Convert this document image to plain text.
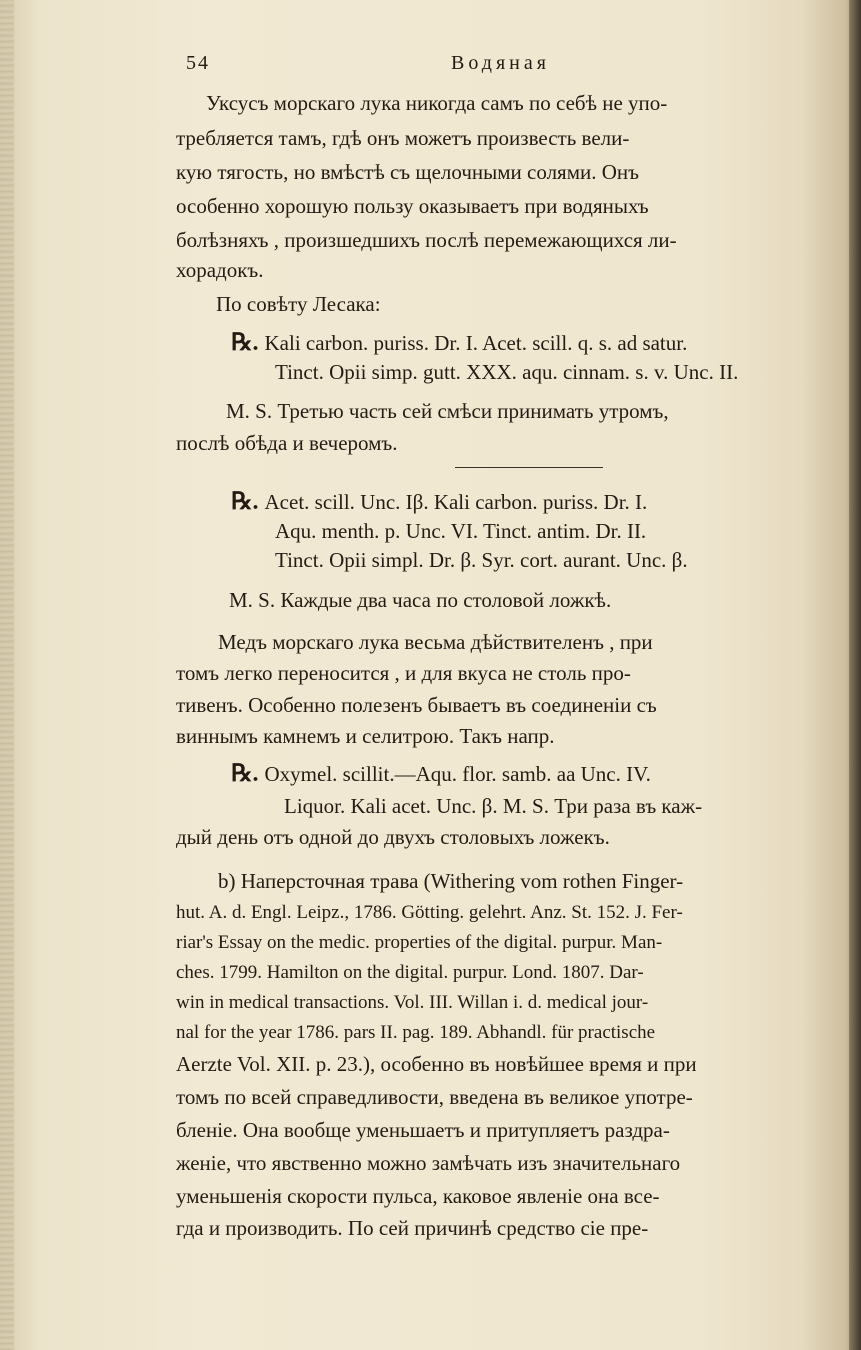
54	Водяная
Уксусъ морскаго лука никогда самъ по себѣ не упо-
требляется тамъ, гдѣ онъ можетъ произвесть вели-
кую тягость, но вмѣстѣ съ щелочными солями. Онъ
особенно хорошую пользу оказываетъ при водяныхъ
болѣзняхъ , произшедшихъ послѣ перемежающихся ли-
хорадокъ.
По совѣту Лесака:
℞. Kali carbon. puriss. Dr. I. Acet. scill. q. s. ad satur.
Tinct. Opii simp. gutt. XXX. aqu. cinnam. s. v. Unc. II.
M. S. Третью часть сей смѣси принимать утромъ,
послѣ обѣда и вечеромъ.
℞. Acet. scill. Unc. Iβ. Kali carbon. puriss. Dr. I.
Aqu. menth. p. Unc. VI. Tinct. antim. Dr. II.
Tinct. Opii simpl. Dr. β. Syr. cort. aurant. Unc. β.
M. S. Каждые два часа по столовой ложкѣ.
Медъ морскаго лука весьма дѣйствителенъ , при
томъ легко переносится , и для вкуса не столь про-
тивенъ. Особенно полезенъ бываетъ въ соединеніи съ
виннымъ камнемъ и селитрою. Такъ напр.
℞. Oxymel. scillit.—Aqu. flor. samb. aa Unc. IV.
Liquor. Kali acet. Unc. β. M. S. Три раза въ каж-
дый день отъ одной до двухъ столовыхъ ложекъ.
b) Наперсточная трава (Withering vom rothen Finger-
hut. A. d. Engl. Leipz., 1786. Götting. gelehrt. Anz. St. 152. J. Fer-
riar's Essay on the medic. properties of the digital. purpur. Man-
ches. 1799. Hamilton on the digital. purpur. Lond. 1807. Dar-
win in medical transactions. Vol. III. Willan i. d. medical jour-
nal for the year 1786. pars II. pag. 189. Abhandl. für practische
Aerzte Vol. XII. p. 23.), особенно въ новѣйшее время и при
томъ по всей справедливости, введена въ великое употре-
бленіе. Она вообще уменьшаетъ и притупляетъ раздра-
женіе, что явственно можно замѣчать изъ значительнаго
уменьшенія скорости пульса, каковое явленіе она все-
гда и производить. По сей причинѣ средство сіе пре-
